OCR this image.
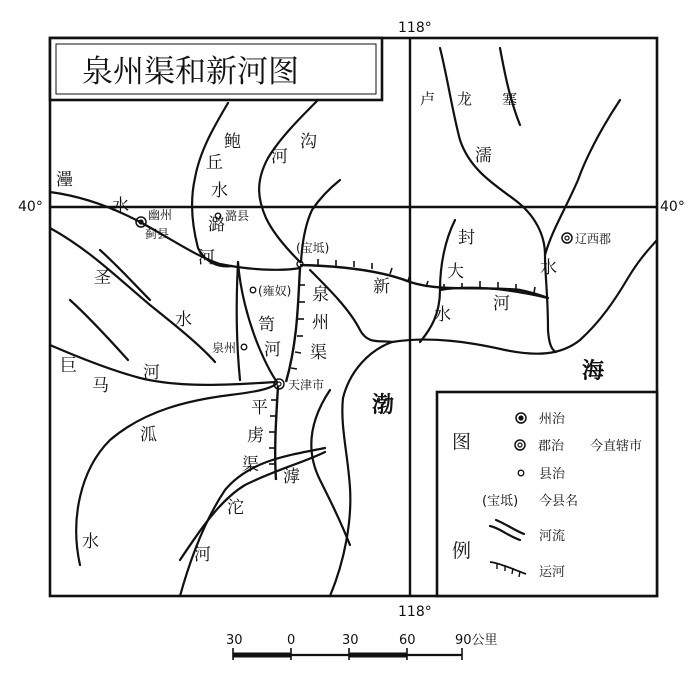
118°
118°
40°	40°
泉州渠和新河图
幽州
蓟县
潞县
(宝坻)
(雍奴)
泉州
天津市
辽西郡
灅
水
鲍
丘
水
沟
河
潞
河
圣
水
巨
马
河
泒
水
沱
河
滹
笥
河
泉
州
渠
平
虏
渠
新
河
封
大
水
濡
水
卢 龙 塞
渤
海
图
例
州治
郡治 今直辖市
县治
(宝坻) 今县名
河流
运河
30	0	30	60	90公里
